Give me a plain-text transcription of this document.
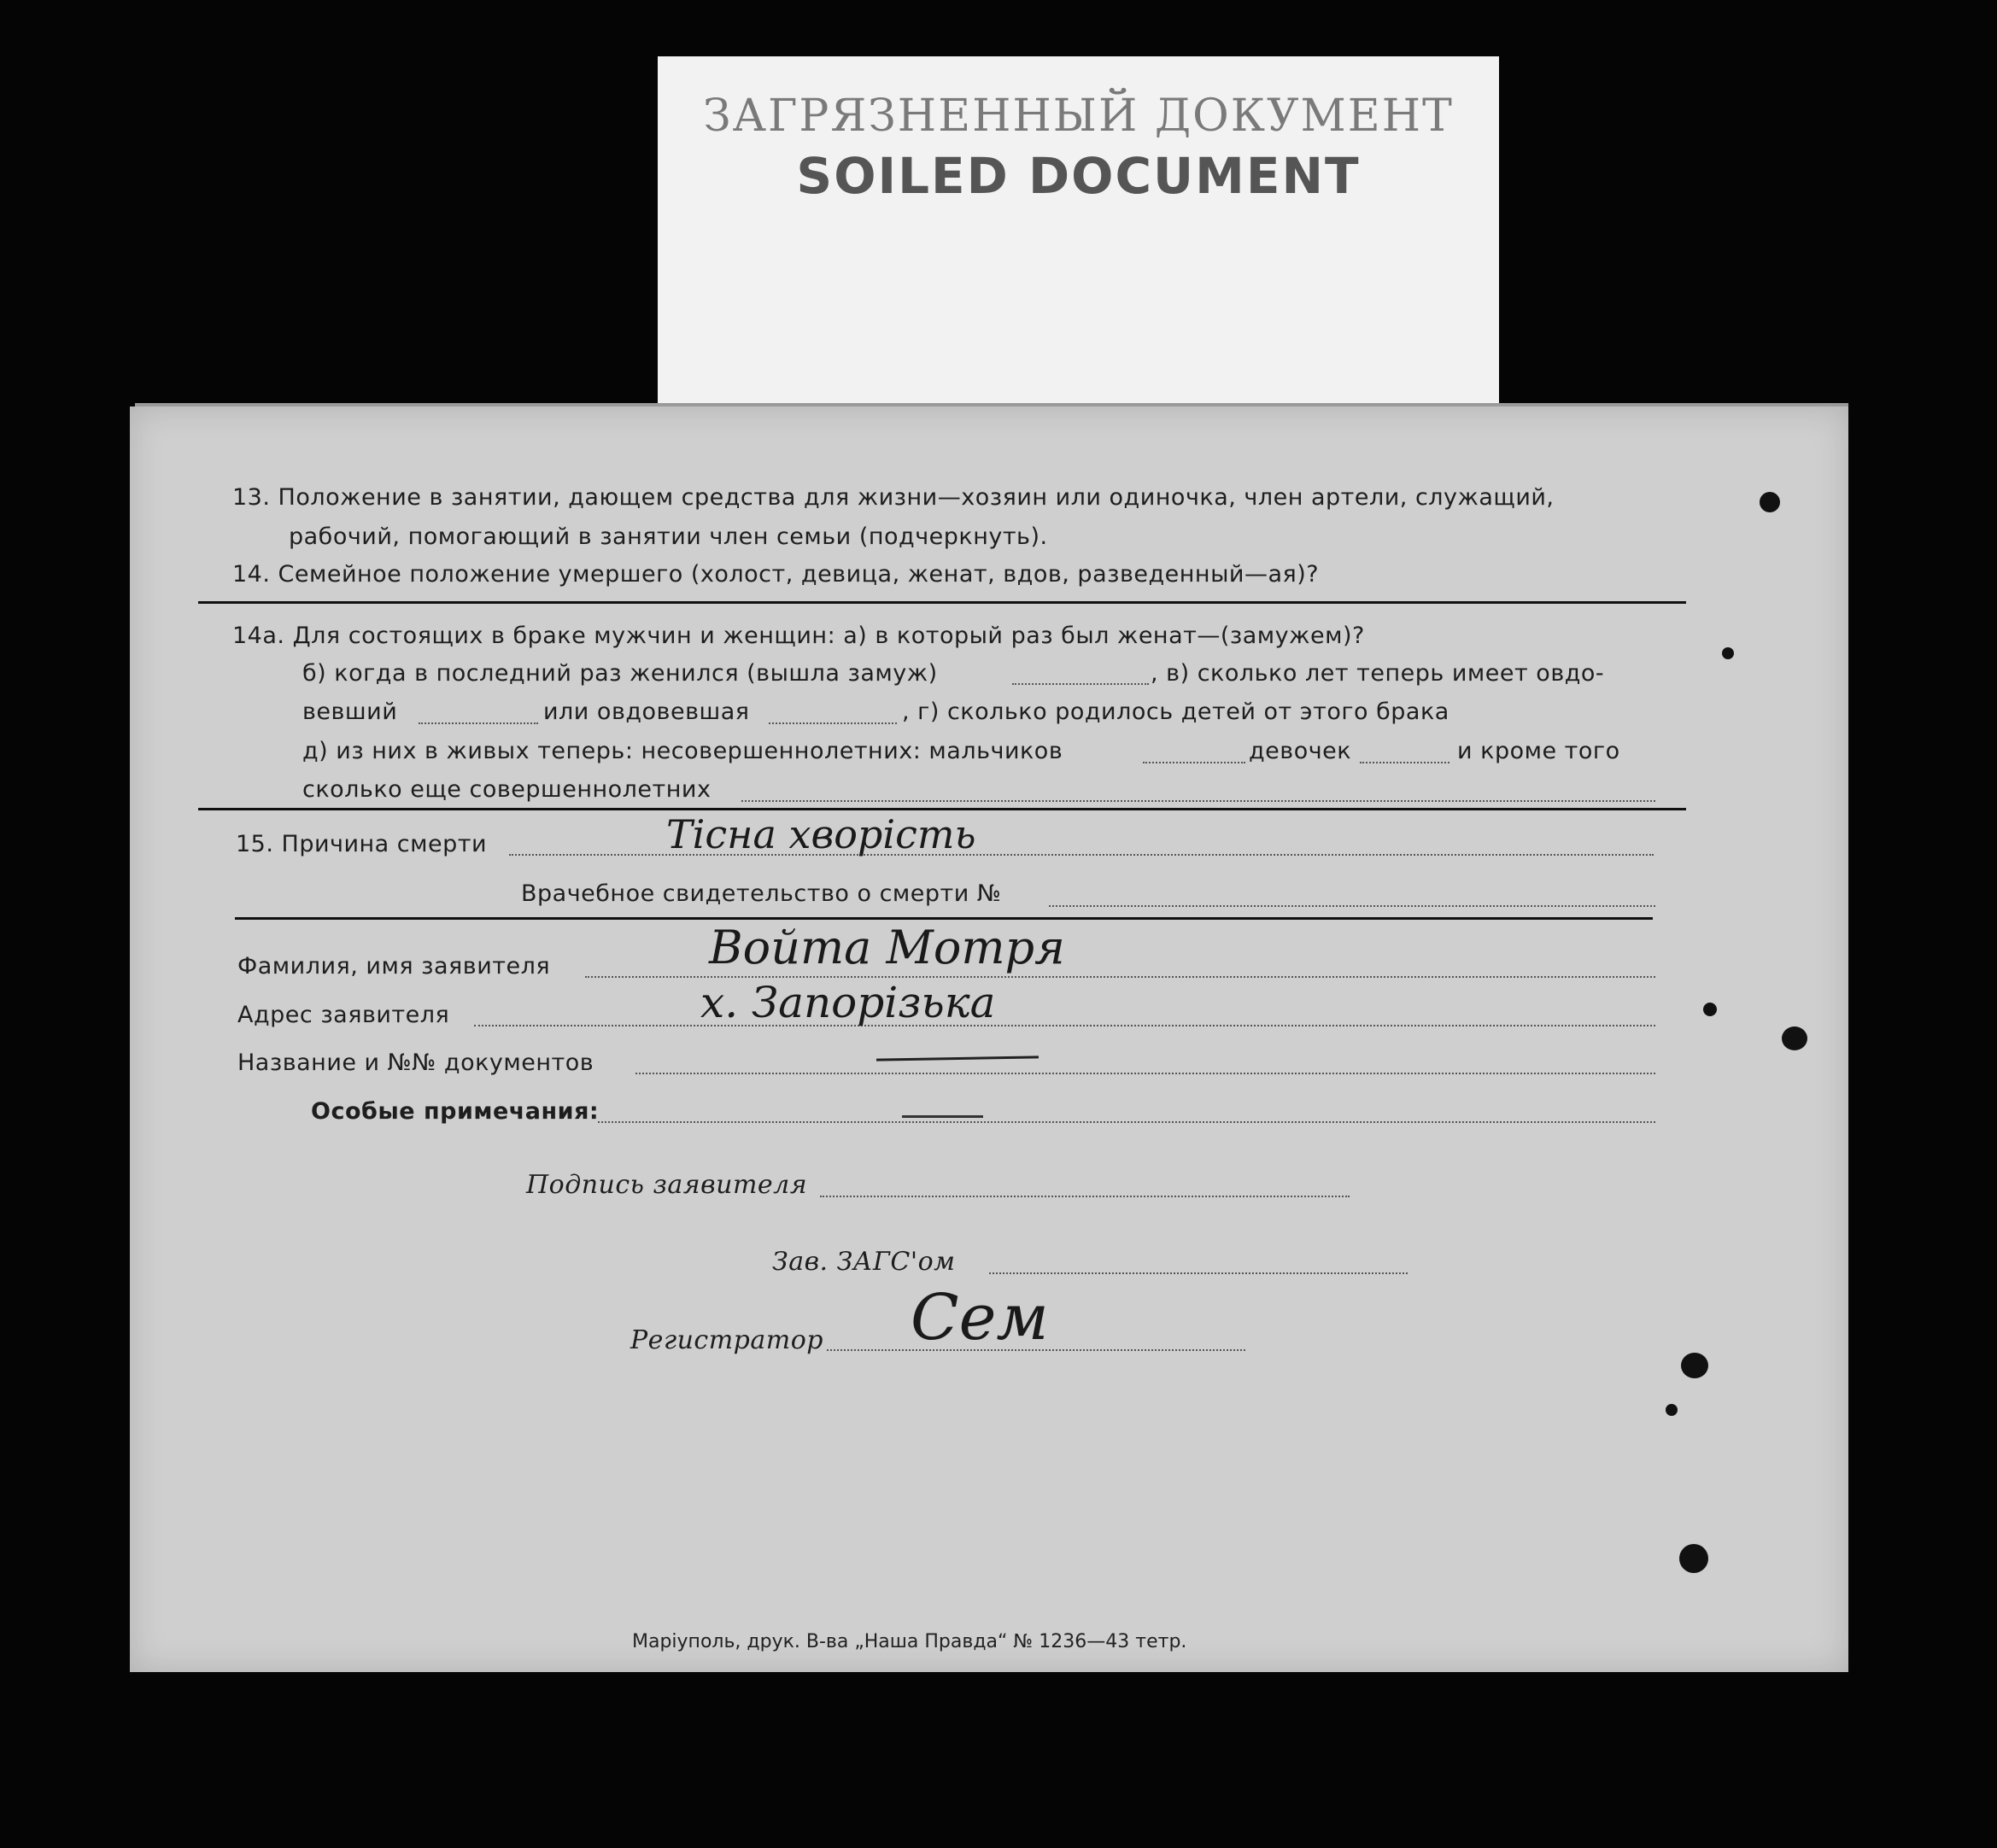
ЗАГРЯЗНЕННЫЙ ДОКУМЕНТ
SOILED DOCUMENT
13. Положение в занятии, дающем средства для жизни—хозяин или одиночка, член артели, служащий,
рабочий, помогающий в занятии член семьи (подчеркнуть).
14. Семейное положение умершего (холост, девица, женат, вдов, разведенный—ая)?
14а. Для состоящих в браке мужчин и женщин: а) в который раз был женат—(замужем)?
б) когда в последний раз женился (вышла замуж)	, в) сколько лет теперь имеет овдо-
вевший	или овдовевшая	, г) сколько родилось детей от этого брака
д) из них в живых теперь: несовершеннолетних: мальчиков	девочек	и кроме того
сколько еще совершеннолетних
15. Причина смерти	Тісна хворість
Врачебное свидетельство о смерти №
Фамилия, имя заявителя	Войта Мотря
Адрес заявителя	х. Запорізька
Название и №№ документов
Особые примечания:
Подпись заявителя
Зав. ЗАГС'ом
Регистратор Сем
Маріуполь, друк. В-ва „Наша Правда“ № 1236—43 тетр.
